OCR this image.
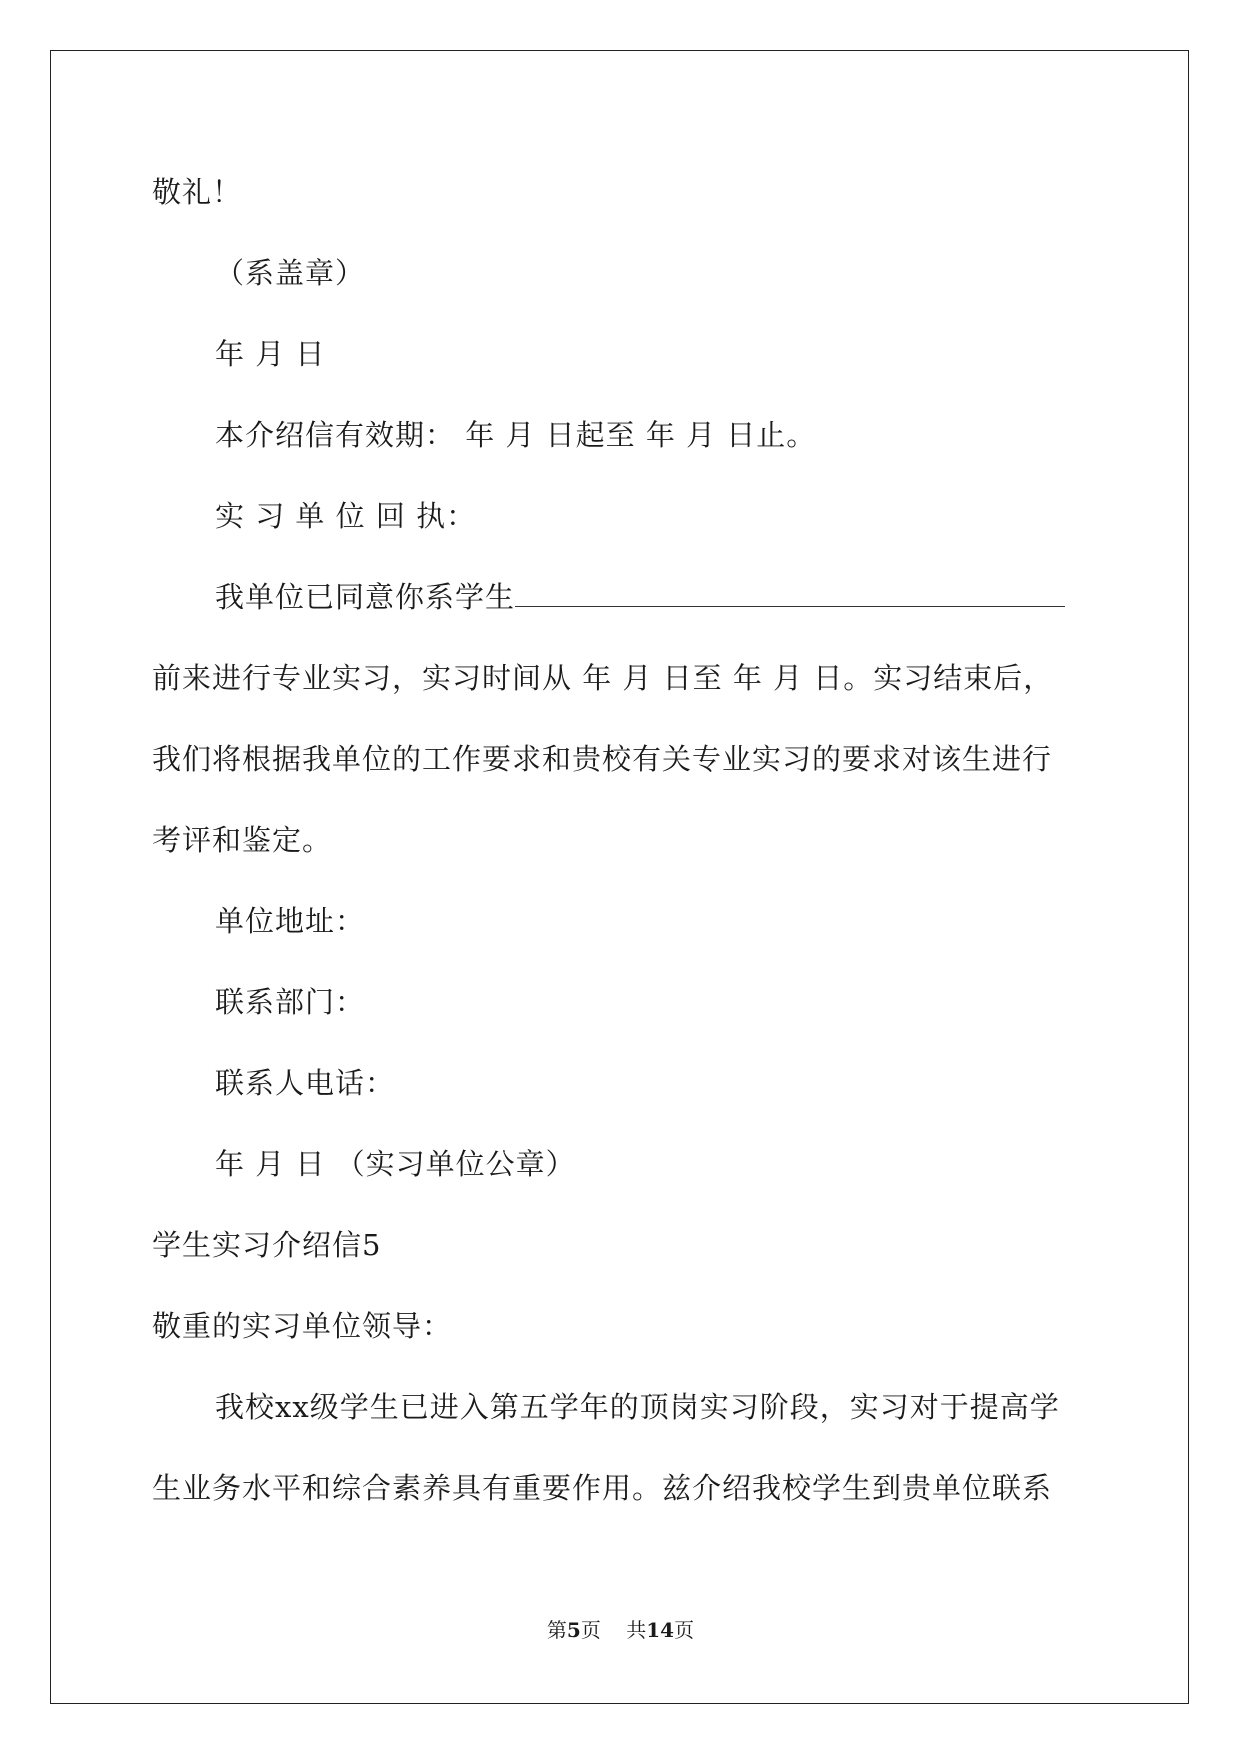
敬礼！
（系盖章）
年 月 日
本介绍信有效期： 年 月 日起至 年 月 日止。
实 习 单 位 回 执：
我单位已同意你系学生
前来进行专业实习，实习时间从 年 月 日至 年 月 日。实习结束后，
我们将根据我单位的工作要求和贵校有关专业实习的要求对该生进行
考评和鉴定。
单位地址：
联系部门：
联系人电话：
年 月 日 （实习单位公章）
学生实习介绍信5
敬重的实习单位领导：
我校xx级学生已进入第五学年的顶岗实习阶段，实习对于提高学
生业务水平和综合素养具有重要作用。兹介绍我校学生到贵单位联系
第5页    共14页
